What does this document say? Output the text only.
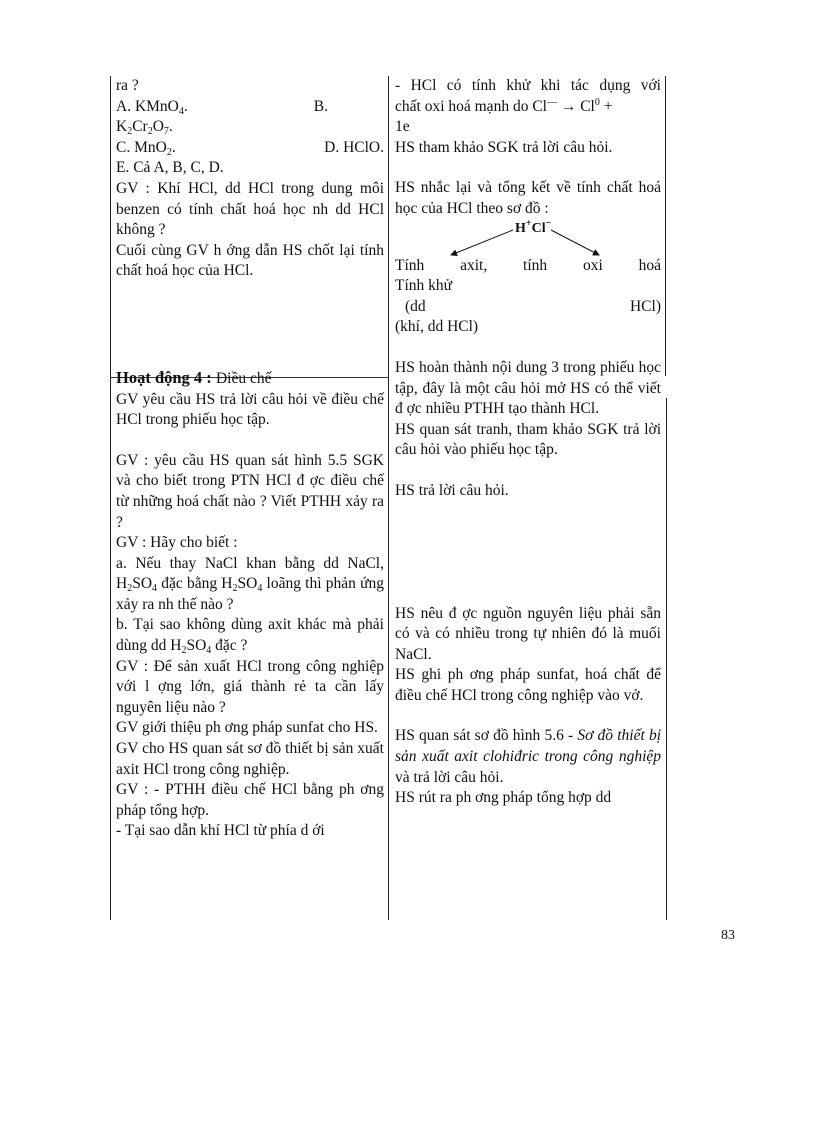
ra ?

A. KMnO$_4$.	B.

$K_2Cr_2O_7$.

C. MnO$_2$.	D. HClO.

E. Cả A, B, C, D.

GV : Khí HCl, dd HCl trong dung môi benzen có tính chất hoá học nh dd HCl không ?

Cuối cùng GV h ớng dẫn HS chốt lại tính chất hoá học của HCl.

Hoạt động 4 : Điều chế

GV yêu cầu HS trả lời câu hỏi về điều chế HCl trong phiếu học tập.

GV : yêu cầu HS quan sát hình 5.5 SGK và cho biết trong PTN HCl đ ợc điều chế từ những hoá chất nào ? Viết PTHH xảy ra ?

GV : Hãy cho biết :

a. Nếu thay NaCl khan bằng dd NaCl, $H_2SO_4$ đặc bằng $H_2SO_4$ loãng thì phản ứng xảy ra nh thế nào ?

b. Tại sao không dùng axit khác mà phải dùng dd $H_2SO_4$ đặc ?

GV : Để sản xuất HCl trong công nghiệp với l ợng lớn, giá thành rẻ ta cần lấy nguyên liệu nào ?

GV giới thiệu ph ơng pháp sunfat cho HS.

GV cho HS quan sát sơ đồ thiết bị sản xuất axit HCl trong công nghiệp.

GV : - PTHH điều chế HCl bằng ph ơng pháp tổng hợp.

- Tại sao dẫn khí HCl từ phía d ới

- HCl có tính khử khi tác dụng với

chất oxi hoá mạnh do $Cl^— \to Cl^0$ +

1e

HS tham khảo SGK trả lời câu hỏi.

HS nhắc lại và tổng kết về tính chất hoá học của HCl theo sơ đồ :

H+Cl−

Tính axit, tính oxi hoá

Tính khử

(dd HCl)

(khí, dd HCl)

HS hoàn thành nội dung 3 trong phiếu học tập, đây là một câu hỏi mở HS có thể viết đ ợc nhiều PTHH tạo thành HCl.

HS quan sát tranh, tham khảo SGK trả lời câu hỏi vào phiếu học tập.

HS trả lời câu hỏi.

HS nêu đ ợc nguồn nguyên liệu phải sẵn có và có nhiều trong tự nhiên đó là muối NaCl.

HS ghi ph ơng pháp sunfat, hoá chất để điều chế HCl trong công nghiệp vào vở.

HS quan sát sơ đồ hình 5.6 - Sơ đồ thiết bị sản xuất axit clohiđric trong công nghiệp và trả lời câu hỏi.

HS rút ra ph ơng pháp tổng hợp dd

83
